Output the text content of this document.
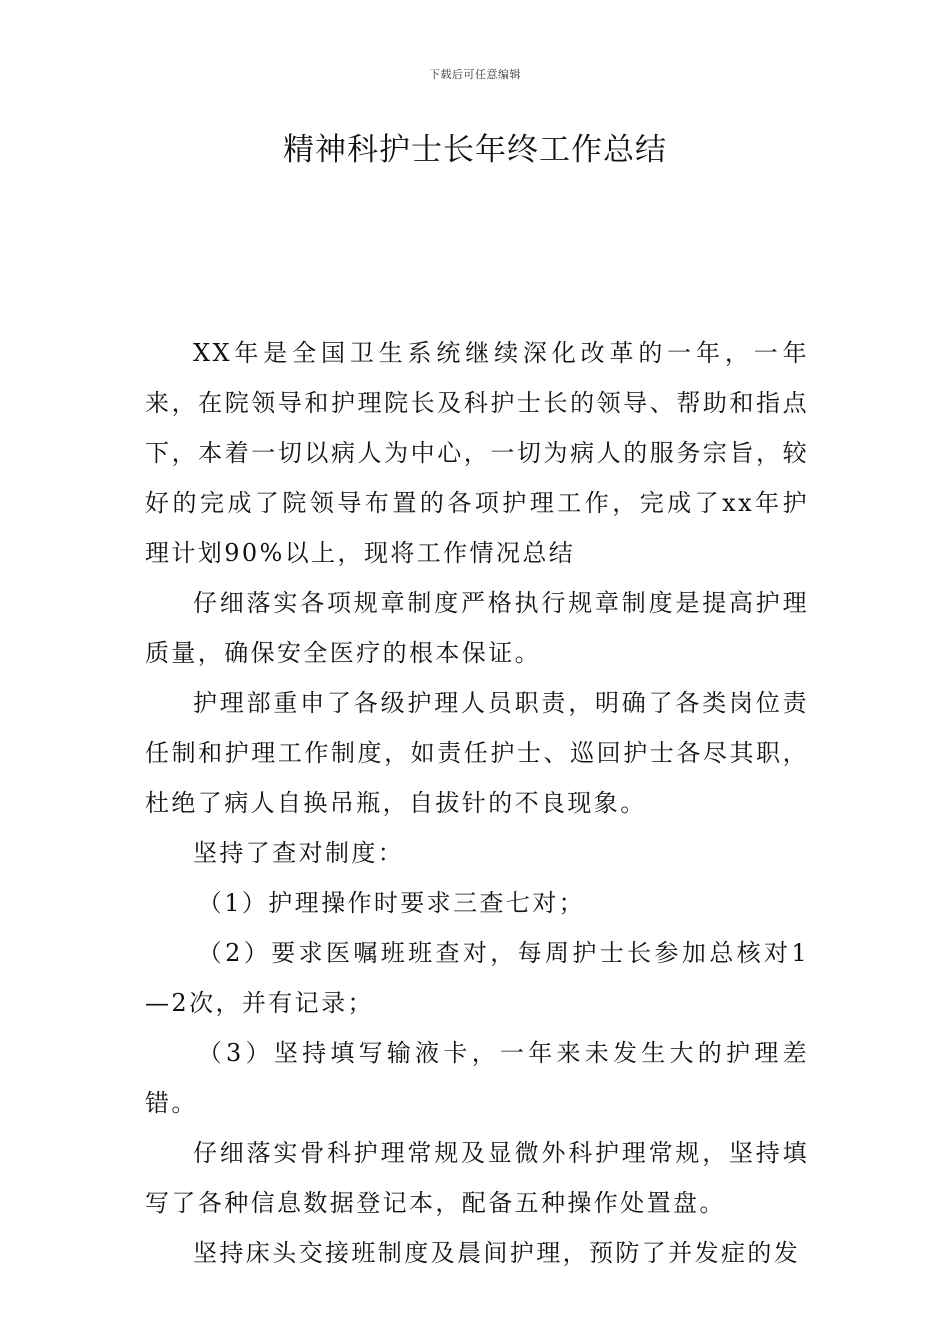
下载后可任意编辑
精神科护士长年终工作总结

XX年是全国卫生系统继续深化改革的一年，一年来，在院领导和护理院长及科护士长的领导、帮助和指点下，本着一切以病人为中心，一切为病人的服务宗旨，较好的完成了院领导布置的各项护理工作，完成了xx年护理计划90%以上，现将工作情况总结

仔细落实各项规章制度严格执行规章制度是提高护理质量，确保安全医疗的根本保证。

护理部重申了各级护理人员职责，明确了各类岗位责任制和护理工作制度，如责任护士、巡回护士各尽其职，杜绝了病人自换吊瓶，自拔针的不良现象。

坚持了查对制度：

（1）护理操作时要求三查七对；

（2）要求医嘱班班查对，每周护士长参加总核对1—2次，并有记录；

（3）坚持填写输液卡，一年来未发生大的护理差错。

仔细落实骨科护理常规及显微外科护理常规，坚持填写了各种信息数据登记本，配备五种操作处置盘。

坚持床头交接班制度及晨间护理，预防了并发症的发
